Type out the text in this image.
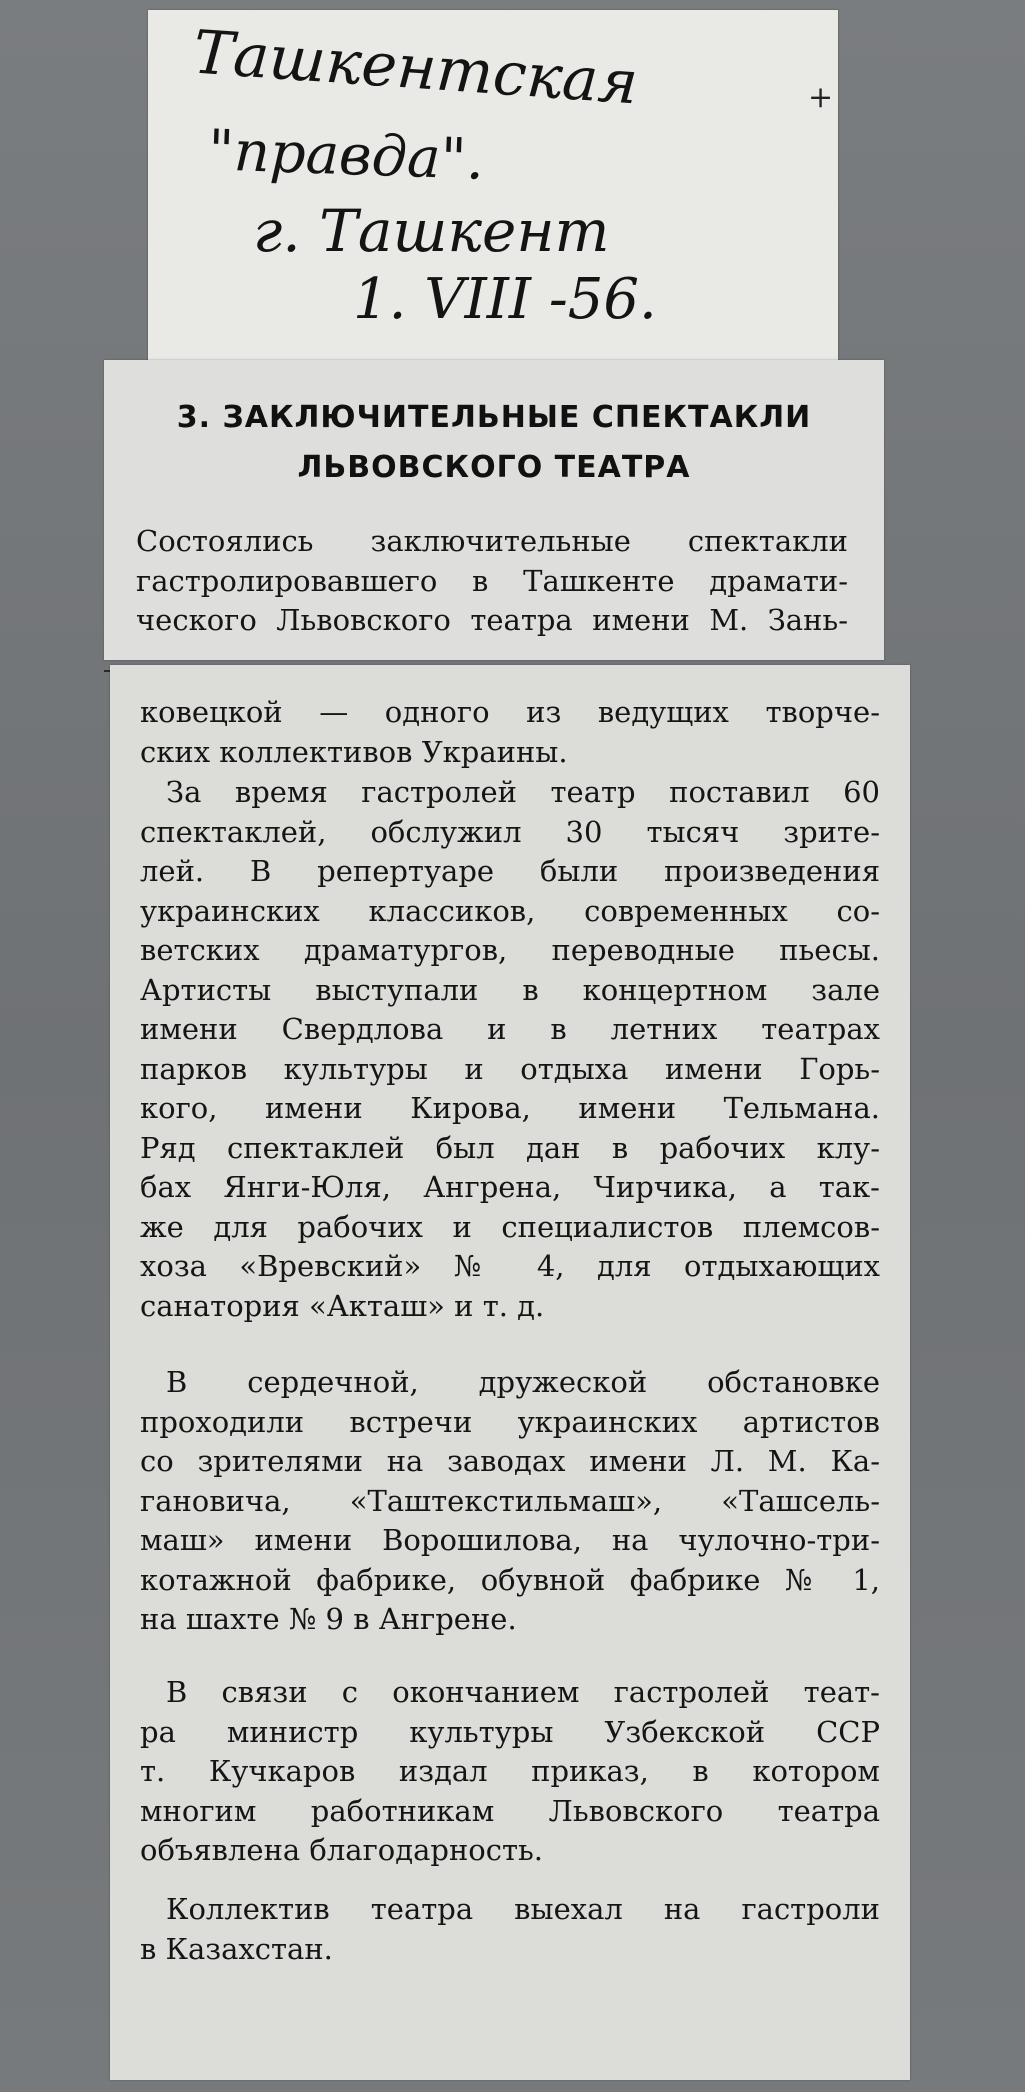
Ташкентская
"правда".
г. Ташкент
1. VIII -56.
+
3. ЗАКЛЮЧИТЕЛЬНЫЕ СПЕКТАКЛИ
ЛЬВОВСКОГО ТЕАТРА
Состоялись заключительные спектакли
гастролировавшего в Ташкенте драмати-
ческого Львовского театра имени М. Зань-
ковецкой — одного из ведущих творче-
ских коллективов Украины.
За время гастролей театр поставил 60
спектаклей, обслужил 30 тысяч зрите-
лей. В репертуаре были произведения
украинских классиков, современных со-
ветских драматургов, переводные пьесы.
Артисты выступали в концертном зале
имени Свердлова и в летних театрах
парков культуры и отдыха имени Горь-
кого, имени Кирова, имени Тельмана.
Ряд спектаклей был дан в рабочих клу-
бах Янги-Юля, Ангрена, Чирчика, а так-
же для рабочих и специалистов племсов-
хоза «Вревский» № 4, для отдыхающих
санатория «Акташ» и т. д.
В сердечной, дружеской обстановке
проходили встречи украинских артистов
со зрителями на заводах имени Л. М. Ка-
гановича, «Таштекстильмаш», «Ташсель-
маш» имени Ворошилова, на чулочно-три-
котажной фабрике, обувной фабрике № 1,
на шахте № 9 в Ангрене.
В связи с окончанием гастролей теат-
ра министр культуры Узбекской ССР
т. Кучкаров издал приказ, в котором
многим работникам Львовского театра
объявлена благодарность.
Коллектив театра выехал на гастроли
в Казахстан.
